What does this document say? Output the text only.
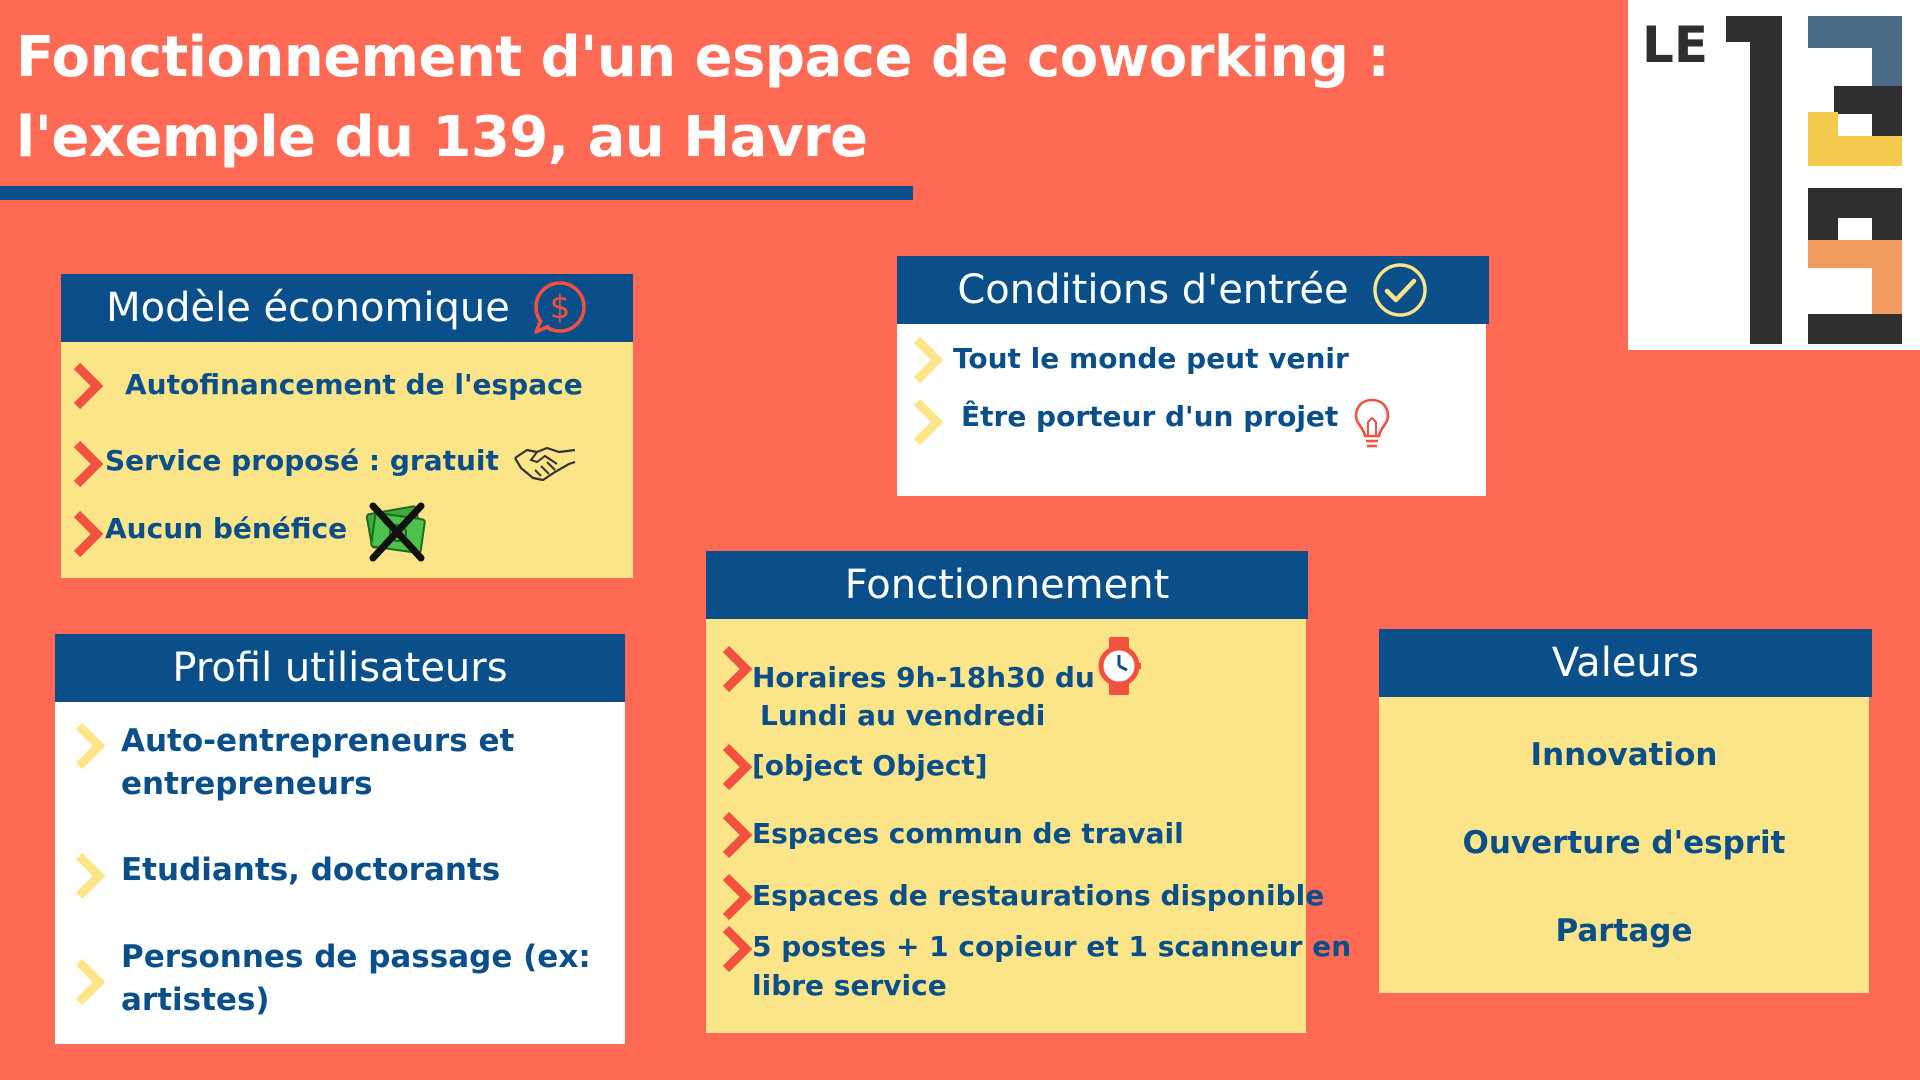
Fonctionnement d'un espace de coworking :
l'exemple du 139, au Havre
LE
Modèle économique $
Autofinancement de l'espace
Service proposé : gratuit
Aucun bénéfice
Conditions d'entrée
Tout le monde peut venir
Être porteur d'un projet
Fonctionnement
Horaires 9h-18h30 du
Lundi au vendredi
[object Object]
Espaces commun de travail
Espaces de restaurations disponible
5 postes + 1 copieur et 1 scanneur en
libre service
Profil utilisateurs
Auto-entrepreneurs et
entrepreneurs
Etudiants, doctorants
Personnes de passage (ex:
artistes)
Valeurs
Innovation
Ouverture d'esprit
Partage
